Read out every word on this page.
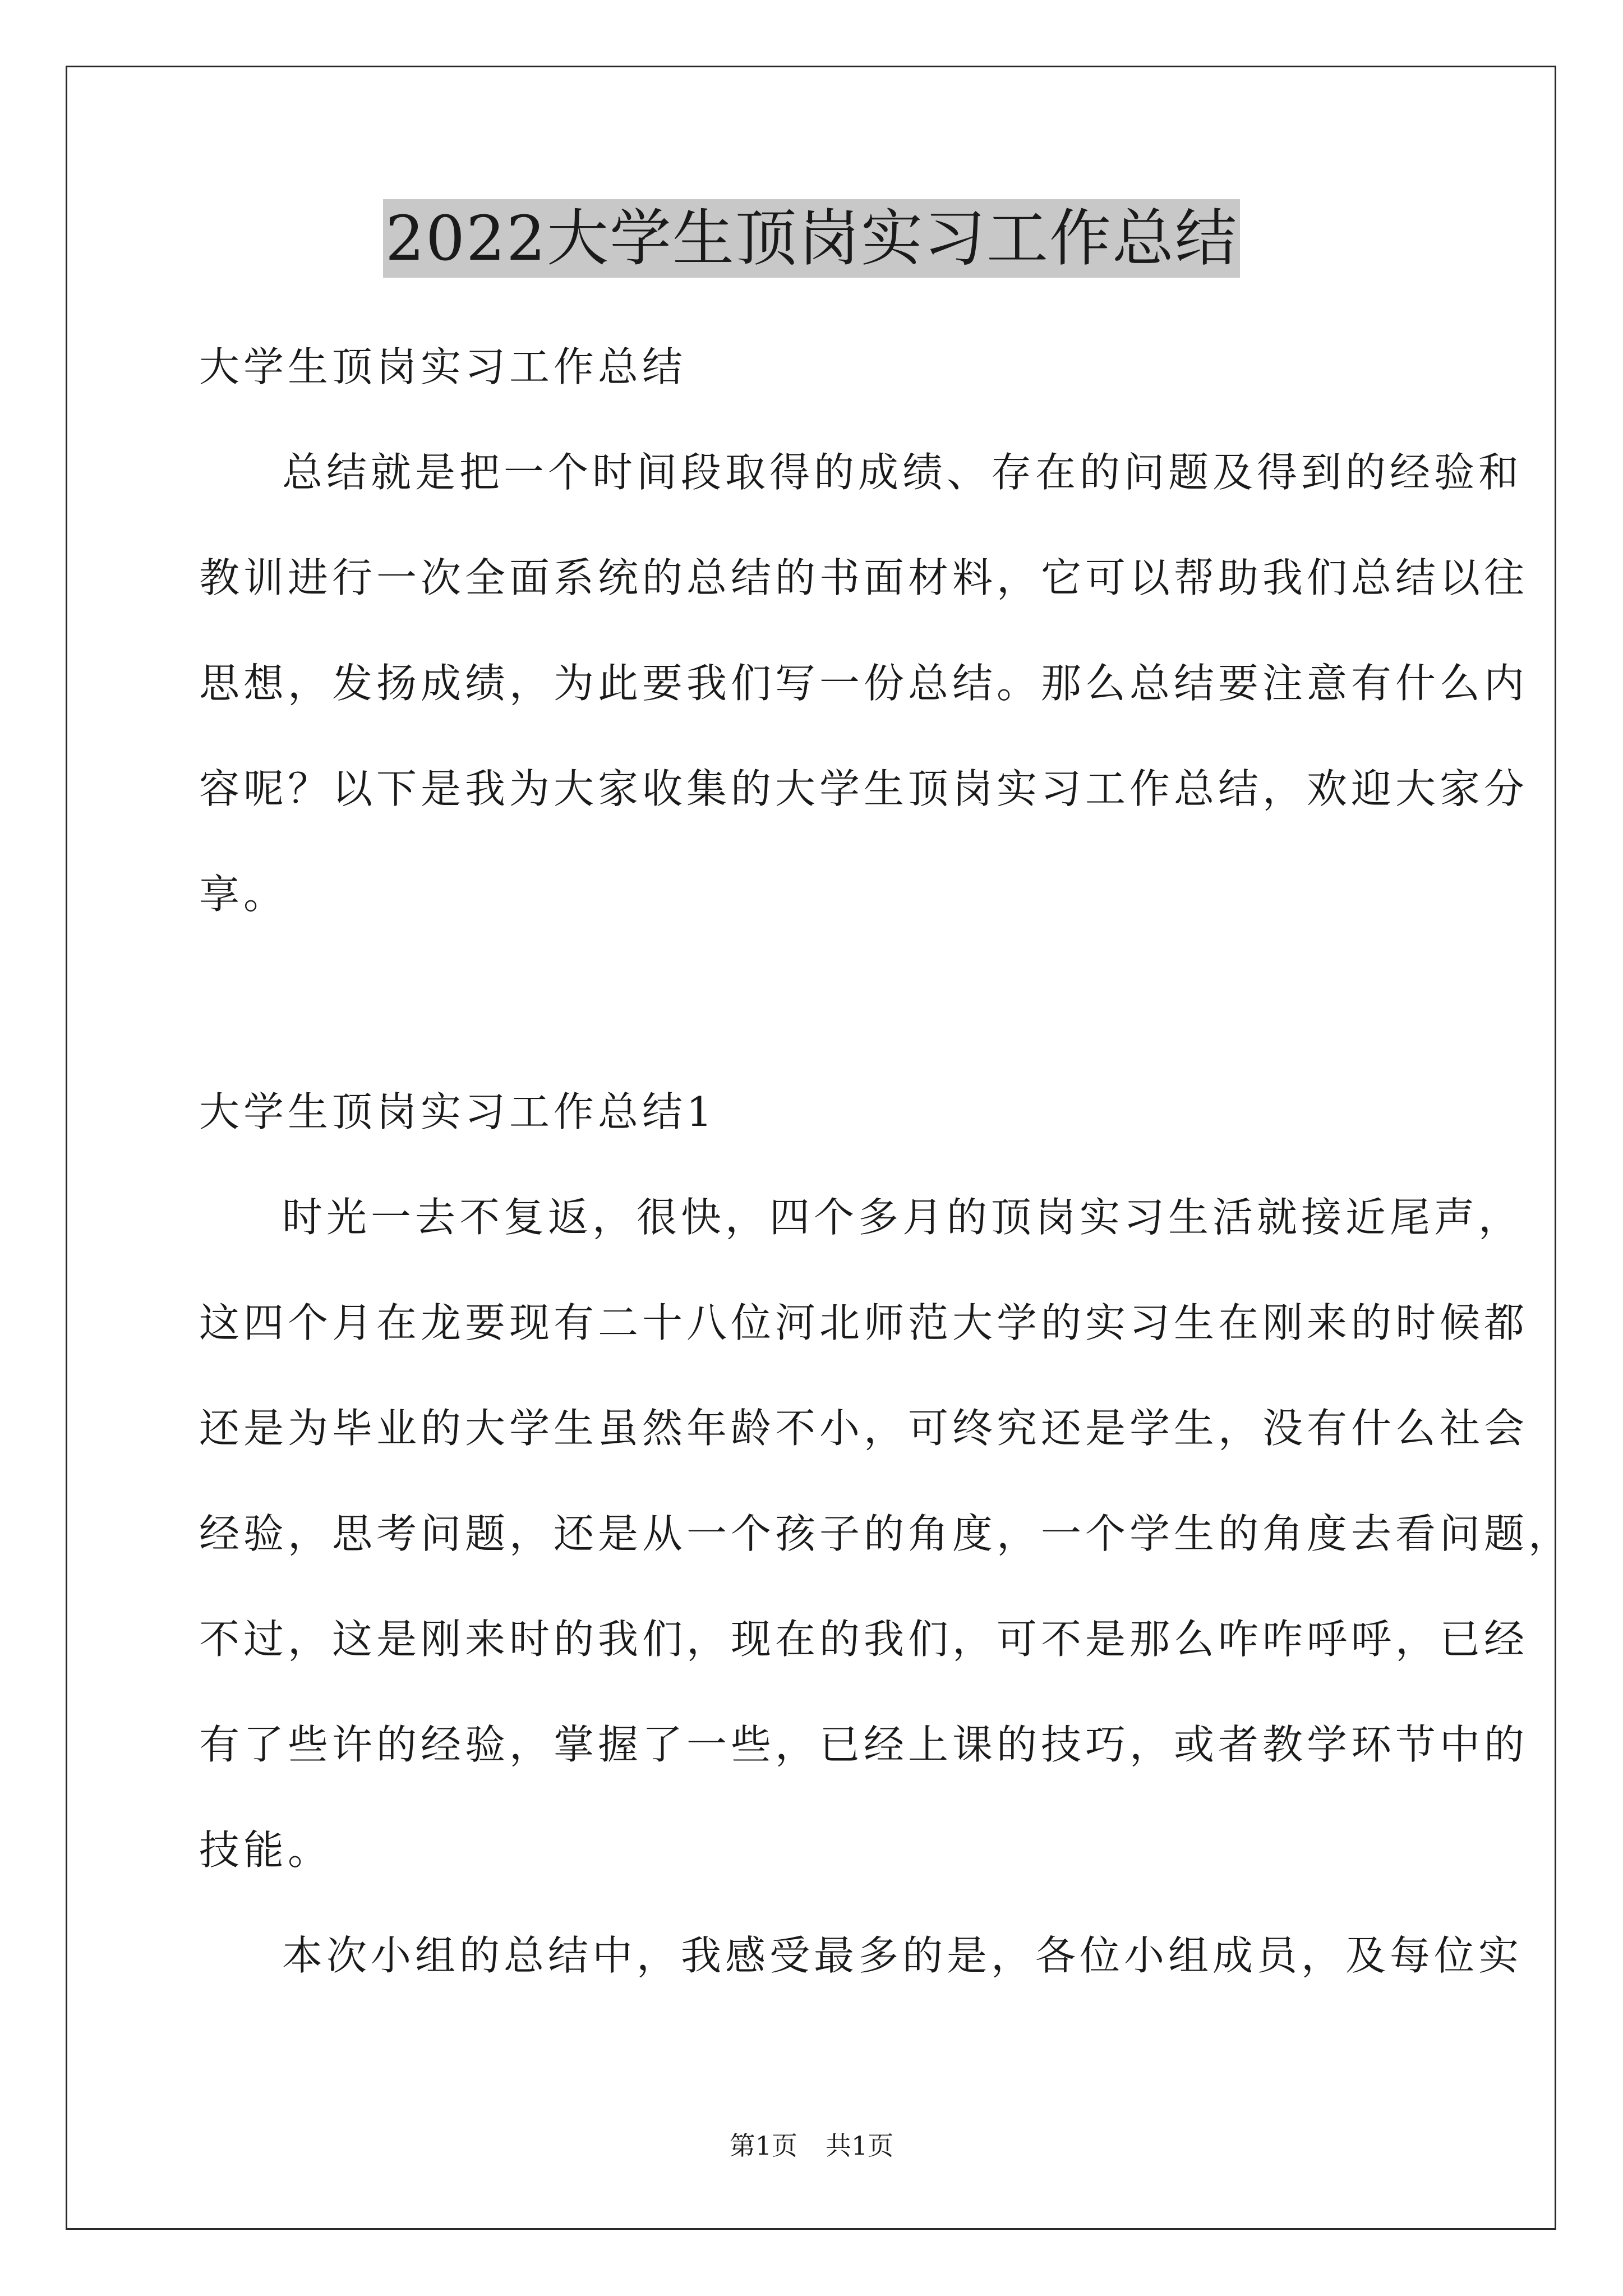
2022大学生顶岗实习工作总结
大学生顶岗实习工作总结
总结就是把一个时间段取得的成绩、存在的问题及得到的经验和
教训进行一次全面系统的总结的书面材料，它可以帮助我们总结以往
思想，发扬成绩，为此要我们写一份总结。那么总结要注意有什么内
容呢？以下是我为大家收集的大学生顶岗实习工作总结，欢迎大家分
享。
大学生顶岗实习工作总结1
时光一去不复返，很快，四个多月的顶岗实习生活就接近尾声，
这四个月在龙要现有二十八位河北师范大学的实习生在刚来的时候都
还是为毕业的大学生虽然年龄不小，可终究还是学生，没有什么社会
经验，思考问题，还是从一个孩子的角度，一个学生的角度去看问题，
不过，这是刚来时的我们，现在的我们，可不是那么咋咋呼呼，已经
有了些许的经验，掌握了一些，已经上课的技巧，或者教学环节中的
技能。
本次小组的总结中，我感受最多的是，各位小组成员，及每位实
第1页 共1页
